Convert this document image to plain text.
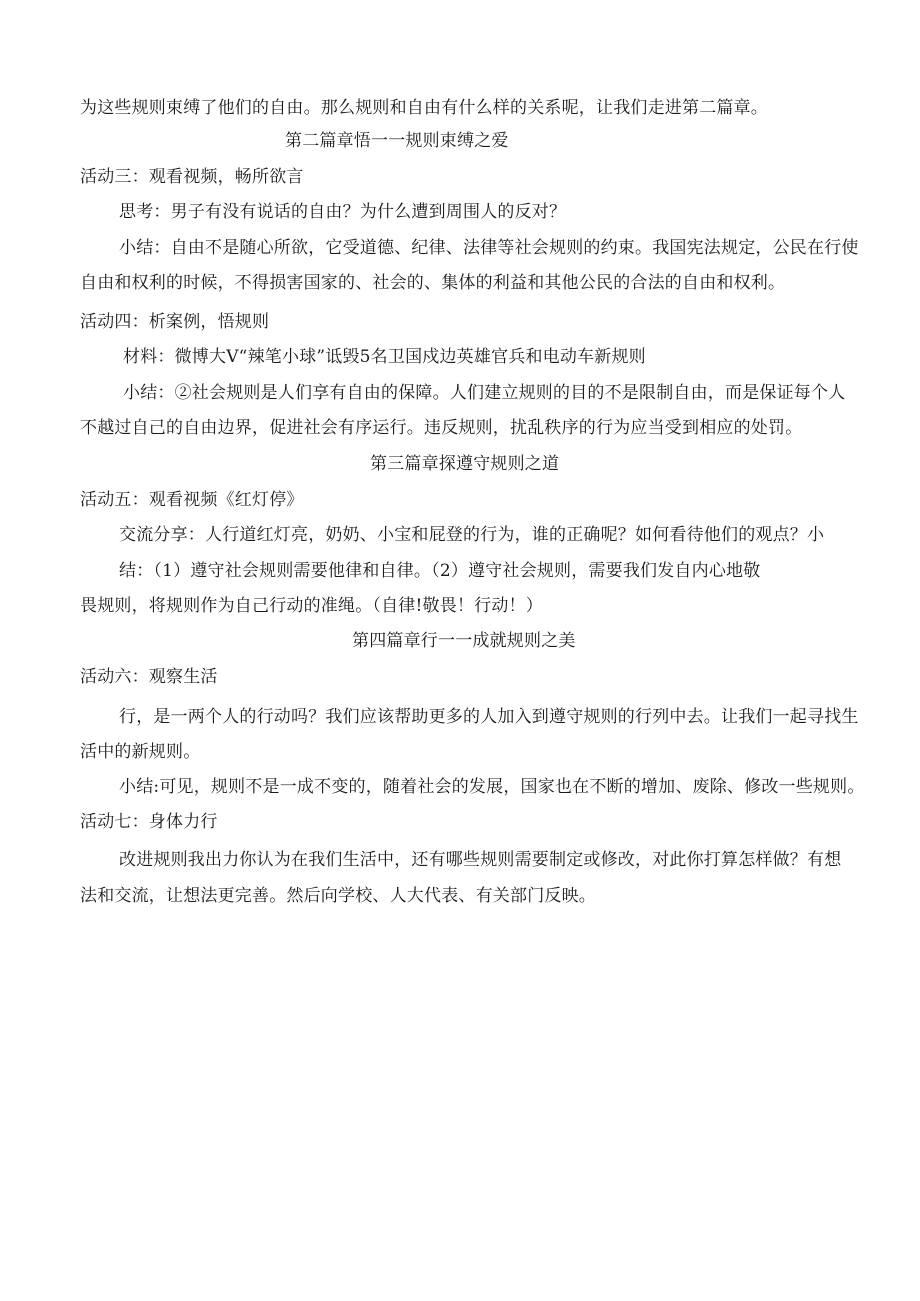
为这些规则束缚了他们的自由。那么规则和自由有什么样的关系呢，让我们走进第二篇章。
第二篇章悟一一规则束缚之爱
活动三：观看视频，畅所欲言
思考：男子有没有说话的自由？为什么遭到周围人的反对？
小结：自由不是随心所欲，它受道德、纪律、法律等社会规则的约束。我国宪法规定，公民在行使
自由和权利的时候，不得损害国家的、社会的、集体的利益和其他公民的合法的自由和权利。
活动四：析案例，悟规则
材料：微博大V“辣笔小球”诋毁5名卫国戍边英雄官兵和电动车新规则
小结：②社会规则是人们享有自由的保障。人们建立规则的目的不是限制自由，而是保证每个人
不越过自己的自由边界，促进社会有序运行。违反规则，扰乱秩序的行为应当受到相应的处罚。
第三篇章探遵守规则之道
活动五：观看视频《红灯停》
交流分享：人行道红灯亮，奶奶、小宝和屁登的行为，谁的正确呢？如何看待他们的观点？小
结：（1）遵守社会规则需要他律和自律。（2）遵守社会规则，需要我们发自内心地敬
畏规则，将规则作为自己行动的准绳。（自律!敬畏！行动！）
第四篇章行一一成就规则之美
活动六：观察生活
行，是一两个人的行动吗？我们应该帮助更多的人加入到遵守规则的行列中去。让我们一起寻找生
活中的新规则。
小结:可见，规则不是一成不变的，随着社会的发展，国家也在不断的增加、废除、修改一些规则。
活动七：身体力行
改进规则我出力你认为在我们生活中，还有哪些规则需要制定或修改，对此你打算怎样做？有想
法和交流，让想法更完善。然后向学校、人大代表、有关部门反映。
